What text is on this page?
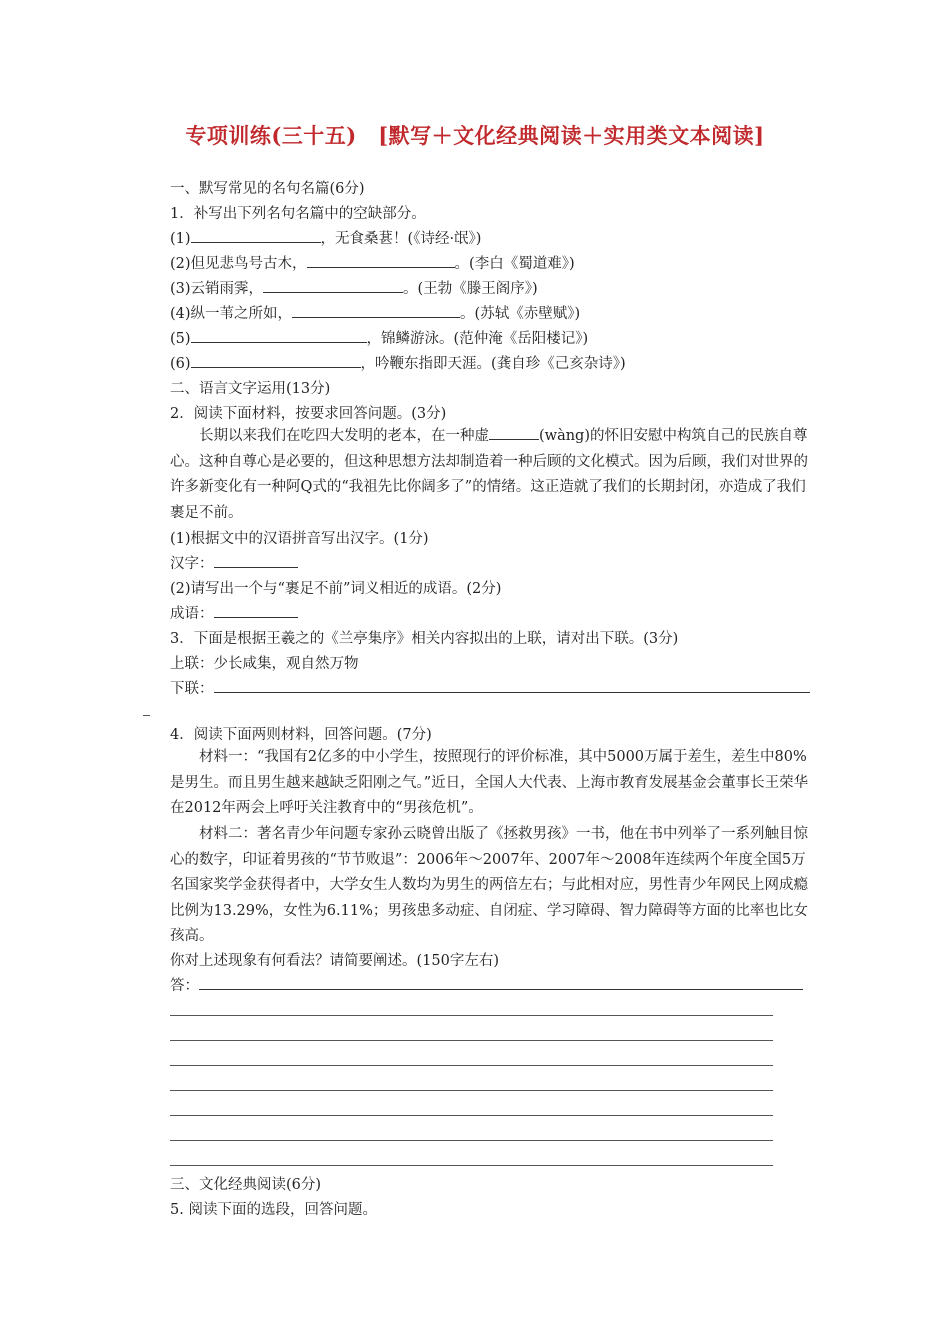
专项训练(三十五)　[默写＋文化经典阅读＋实用类文本阅读]
一、默写常见的名句名篇(6分)
1．补写出下列名句名篇中的空缺部分。
(1)	，无食桑葚！(《诗经·氓》)
(2)但见悲鸟号古木，	。(李白《蜀道难》)
(3)云销雨霁，	。(王勃《滕王阁序》)
(4)纵一苇之所如，	。(苏轼《赤壁赋》)
(5)	，锦鳞游泳。(范仲淹《岳阳楼记》)
(6)	，吟鞭东指即天涯。(龚自珍《己亥杂诗》)
二、语言文字运用(13分)
2．阅读下面材料，按要求回答问题。(3分)
长期以来我们在吃四大发明的老本，在一种虚	(wàng)的怀旧安慰中构筑自己的民族自尊心。这种自尊心是必要的，但这种思想方法却制造着一种后顾的文化模式。因为后顾，我们对世界的许多新变化有一种阿Q式的“我祖先比你阔多了”的情绪。这正造就了我们的长期封闭，亦造成了我们裹足不前。
(1)根据文中的汉语拼音写出汉字。(1分)
汉字：
(2)请写出一个与“裹足不前”词义相近的成语。(2分)
成语：
3．下面是根据王羲之的《兰亭集序》相关内容拟出的上联，请对出下联。(3分)
上联：少长咸集，观自然万物
下联：
4．阅读下面两则材料，回答问题。(7分)
材料一：“我国有2亿多的中小学生，按照现行的评价标准，其中5000万属于差生，差生中80%是男生。而且男生越来越缺乏阳刚之气。”近日，全国人大代表、上海市教育发展基金会董事长王荣华在2012年两会上呼吁关注教育中的“男孩危机”。
材料二：著名青少年问题专家孙云晓曾出版了《拯救男孩》一书，他在书中列举了一系列触目惊心的数字，印证着男孩的“节节败退”：2006年～2007年、2007年～2008年连续两个年度全国5万名国家奖学金获得者中，大学女生人数均为男生的两倍左右；与此相对应，男性青少年网民上网成瘾比例为13.29%，女性为6.11%；男孩患多动症、自闭症、学习障碍、智力障碍等方面的比率也比女孩高。
你对上述现象有何看法？请简要阐述。(150字左右)
答：
三、文化经典阅读(6分)
5. 阅读下面的选段，回答问题。
